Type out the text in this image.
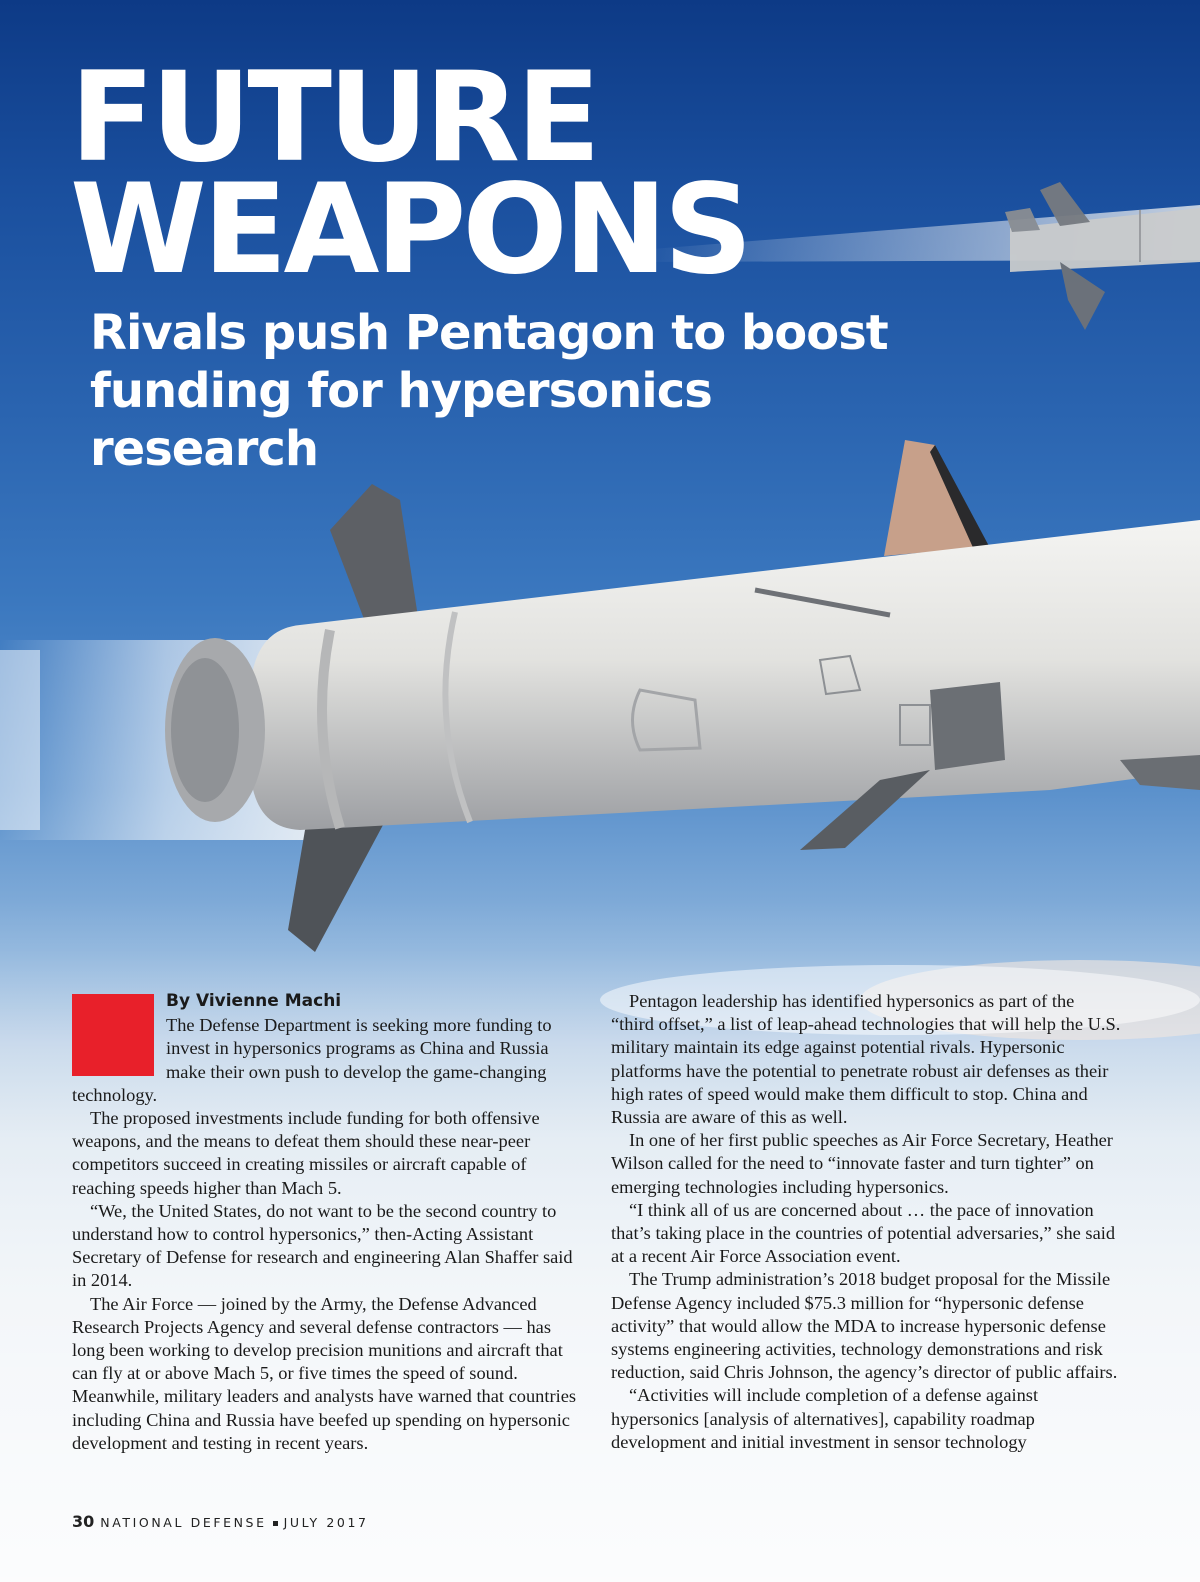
FUTURE
WEAPONS
Rivals push Pentagon to boost funding for hypersonics research

By Vivienne Machi
The Defense Department is seeking more funding to invest in hypersonics programs as China and Russia make their own push to develop the game-changing technology.

The proposed investments include funding for both offensive weapons, and the means to defeat them should these near-peer competitors succeed in creating missiles or aircraft capable of reaching speeds higher than Mach 5.

“We, the United States, do not want to be the second country to understand how to control hypersonics,” then-Acting Assistant Secretary of Defense for research and engineering Alan Shaffer said in 2014.

The Air Force — joined by the Army, the Defense Advanced Research Projects Agency and several defense contractors — has long been working to develop precision munitions and aircraft that can fly at or above Mach 5, or five times the speed of sound. Meanwhile, military leaders and analysts have warned that countries including China and Russia have beefed up spending on hypersonic development and testing in recent years.

Pentagon leadership has identified hypersonics as part of the “third offset,” a list of leap-ahead technologies that will help the U.S. military maintain its edge against potential rivals. Hypersonic platforms have the potential to penetrate robust air defenses as their high rates of speed would make them difficult to stop. China and Russia are aware of this as well.

In one of her first public speeches as Air Force Secretary, Heather Wilson called for the need to “innovate faster and turn tighter” on emerging technologies including hypersonics.

“I think all of us are concerned about … the pace of innovation that’s taking place in the countries of potential adversaries,” she said at a recent Air Force Association event.

The Trump administration’s 2018 budget proposal for the Missile Defense Agency included $75.3 million for “hypersonic defense activity” that would allow the MDA to increase hypersonic defense systems engineering activities, technology demonstrations and risk reduction, said Chris Johnson, the agency’s director of public affairs.

“Activities will include completion of a defense against hypersonics [analysis of alternatives], capability roadmap development and initial investment in sensor technology

30 NATIONAL DEFENSE JULY 2017
